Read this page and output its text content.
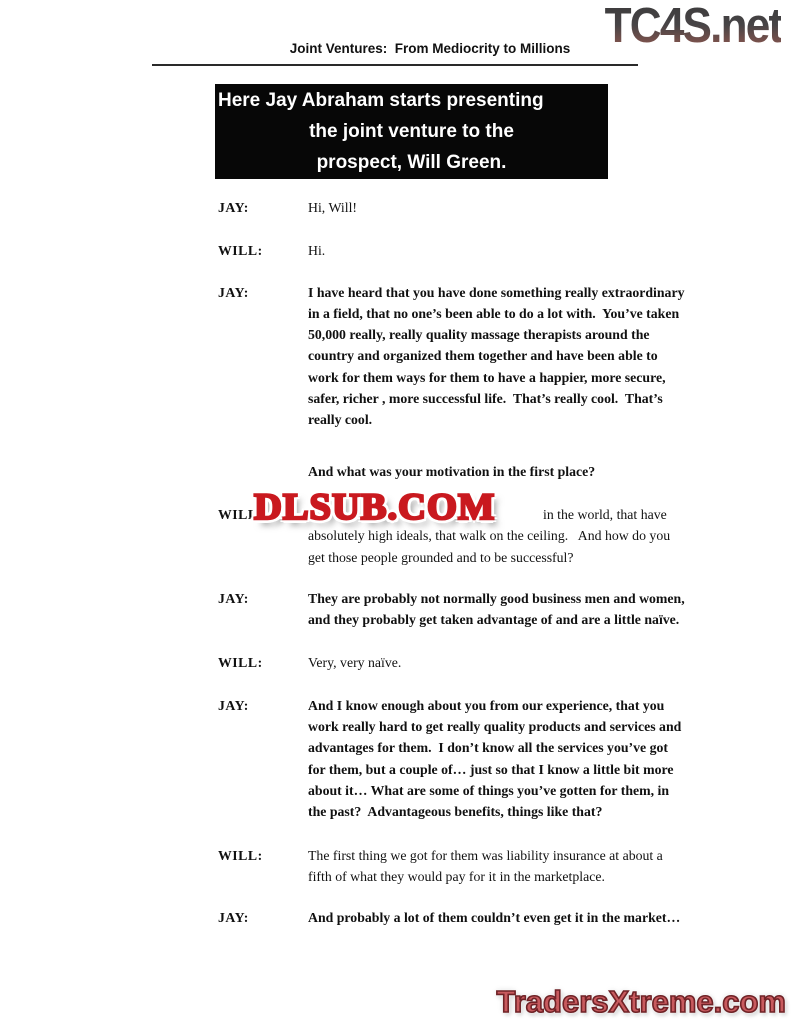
TC4S.net
Joint Ventures:  From Mediocrity to Millions
Here Jay Abraham starts presenting
the joint venture to the
prospect, Will Green.
JAY:	Hi, Will!
WILL:	Hi.
JAY:	I have heard that you have done something really extraordinary
in a field, that no one’s been able to do a lot with.  You’ve taken
50,000 really, really quality massage therapists around the
country and organized them together and have been able to
work for them ways for them to have a happier, more secure,
safer, richer , more successful life.  That’s really cool.  That’s
really cool.
And what was your motivation in the first place?
WILL:	in the world, that have
absolutely high ideals, that walk on the ceiling.   And how do you
get those people grounded and to be successful?
JAY:	They are probably not normally good business men and women,
and they probably get taken advantage of and are a little naïve.
WILL:	Very, very naïve.
JAY:	And I know enough about you from our experience, that you
work really hard to get really quality products and services and
advantages for them.  I don’t know all the services you’ve got
for them, but a couple of… just so that I know a little bit more
about it… What are some of things you’ve gotten for them, in
the past?  Advantageous benefits, things like that?
WILL:	The first thing we got for them was liability insurance at about a
fifth of what they would pay for it in the marketplace.
JAY:	And probably a lot of them couldn’t even get it in the market…
DLSUB.COM
TradersXtreme.com
